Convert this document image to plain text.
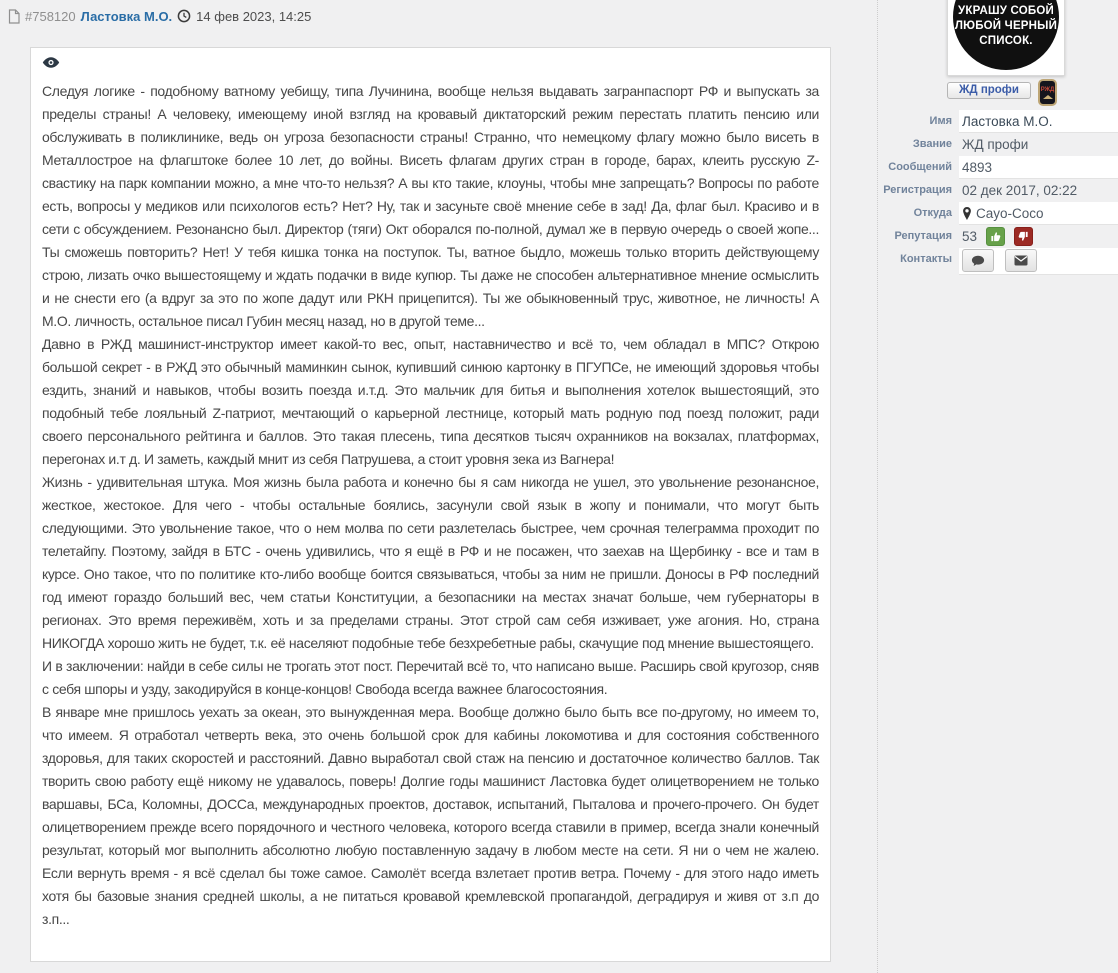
#758120 Ластовка М.О. 14 фев 2023, 14:25

Следуя логике - подобному ватному уебищу, типа Лучинина, вообще нельзя выдавать загранпаспорт РФ и выпускать за пределы страны! А человеку, имеющему иной взгляд на кровавый диктаторский режим перестать платить пенсию или обслуживать в поликлинике, ведь он угроза безопасности страны! Странно, что немецкому флагу можно было висеть в Металлострое на флагштоке более 10 лет, до войны. Висеть флагам других стран в городе, барах, клеить русскую Z-свастику на парк компании можно, а мне что-то нельзя? А вы кто такие, клоуны, чтобы мне запрещать? Вопросы по работе есть, вопросы у медиков или психологов есть? Нет? Ну, так и засуньте своё мнение себе в зад! Да, флаг был. Красиво и в сети с обсуждением. Резонансно был. Директор (тяги) Окт оборался по-полной, думал же в первую очередь о своей жопе... Ты сможешь повторить? Нет! У тебя кишка тонка на поступок. Ты, ватное быдло, можешь только вторить действующему строю, лизать очко вышестоящему и ждать подачки в виде купюр. Ты даже не способен альтернативное мнение осмыслить и не снести его (а вдруг за это по жопе дадут или РКН прицепится). Ты же обыкновенный трус, животное, не личность! А М.О. личность, остальное писал Губин месяц назад, но в другой теме...

Давно в РЖД машинист-инструктор имеет какой-то вес, опыт, наставничество и всё то, чем обладал в МПС? Открою большой секрет - в РЖД это обычный маминкин сынок, купивший синюю картонку в ПГУПСе, не имеющий здоровья чтобы ездить, знаний и навыков, чтобы возить поезда и.т.д. Это мальчик для битья и выполнения хотелок вышестоящий, это подобный тебе лояльный Z-патриот, мечтающий о карьерной лестнице, который мать родную под поезд положит, ради своего персонального рейтинга и баллов. Это такая плесень, типа десятков тысяч охранников на вокзалах, платформах, перегонах и.т д. И заметь, каждый мнит из себя Патрушева, а стоит уровня зека из Вагнера!

Жизнь - удивительная штука. Моя жизнь была работа и конечно бы я сам никогда не ушел, это увольнение резонансное, жесткое, жестокое. Для чего - чтобы остальные боялись, засунули свой язык в жопу и понимали, что могут быть следующими. Это увольнение такое, что о нем молва по сети разлетелась быстрее, чем срочная телеграмма проходит по телетайпу. Поэтому, зайдя в БТС - очень удивились, что я ещё в РФ и не посажен, что заехав на Щербинку - все и там в курсе. Оно такое, что по политике кто-либо вообще боится связываться, чтобы за ним не пришли. Доносы в РФ последний год имеют гораздо больший вес, чем статьи Конституции, а безопасники на местах значат больше, чем губернаторы в регионах. Это время переживём, хоть и за пределами страны. Этот строй сам себя изживает, уже агония. Но, страна НИКОГДА хорошо жить не будет, т.к. её населяют подобные тебе безхребетные рабы, скачущие под мнение вышестоящего.

И в заключении: найди в себе силы не трогать этот пост. Перечитай всё то, что написано выше. Расширь свой кругозор, сняв с себя шпоры и узду, закодируйся в конце-концов! Свобода всегда важнее благосостояния.

В январе мне пришлось уехать за океан, это вынужденная мера. Вообще должно было быть все по-другому, но имеем то, что имеем. Я отработал четверть века, это очень большой срок для кабины локомотива и для состояния собственного здоровья, для таких скоростей и расстояний. Давно выработал свой стаж на пенсию и достаточное количество баллов. Так творить свою работу ещё никому не удавалось, поверь! Долгие годы машинист Ластовка будет олицетворением не только варшавы, БСа, Коломны, ДОССа, международных проектов, доставок, испытаний, Пыталова и прочего-прочего. Он будет олицетворением прежде всего порядочного и честного человека, которого всегда ставили в пример, всегда знали конечный результат, который мог выполнить абсолютно любую поставленную задачу в любом месте на сети. Я ни о чем не жалею. Если вернуть время - я всё сделал бы тоже самое. Самолёт всегда взлетает против ветра. Почему - для этого надо иметь хотя бы базовые знания средней школы, а не питаться кровавой кремлевской пропагандой, деградируя и живя от з.п до з.п...

УКРАШУ СОБОЙ
ЛЮБОЙ ЧЕРНЫЙ
СПИСОК.
ЖД профи	РЖД
Имя Ластовка М.О.
Звание ЖД профи
Сообщений 4893
Регистрация 02 дек 2017, 02:22
Откуда Cayo-Coco
Репутация 53
Контакты
